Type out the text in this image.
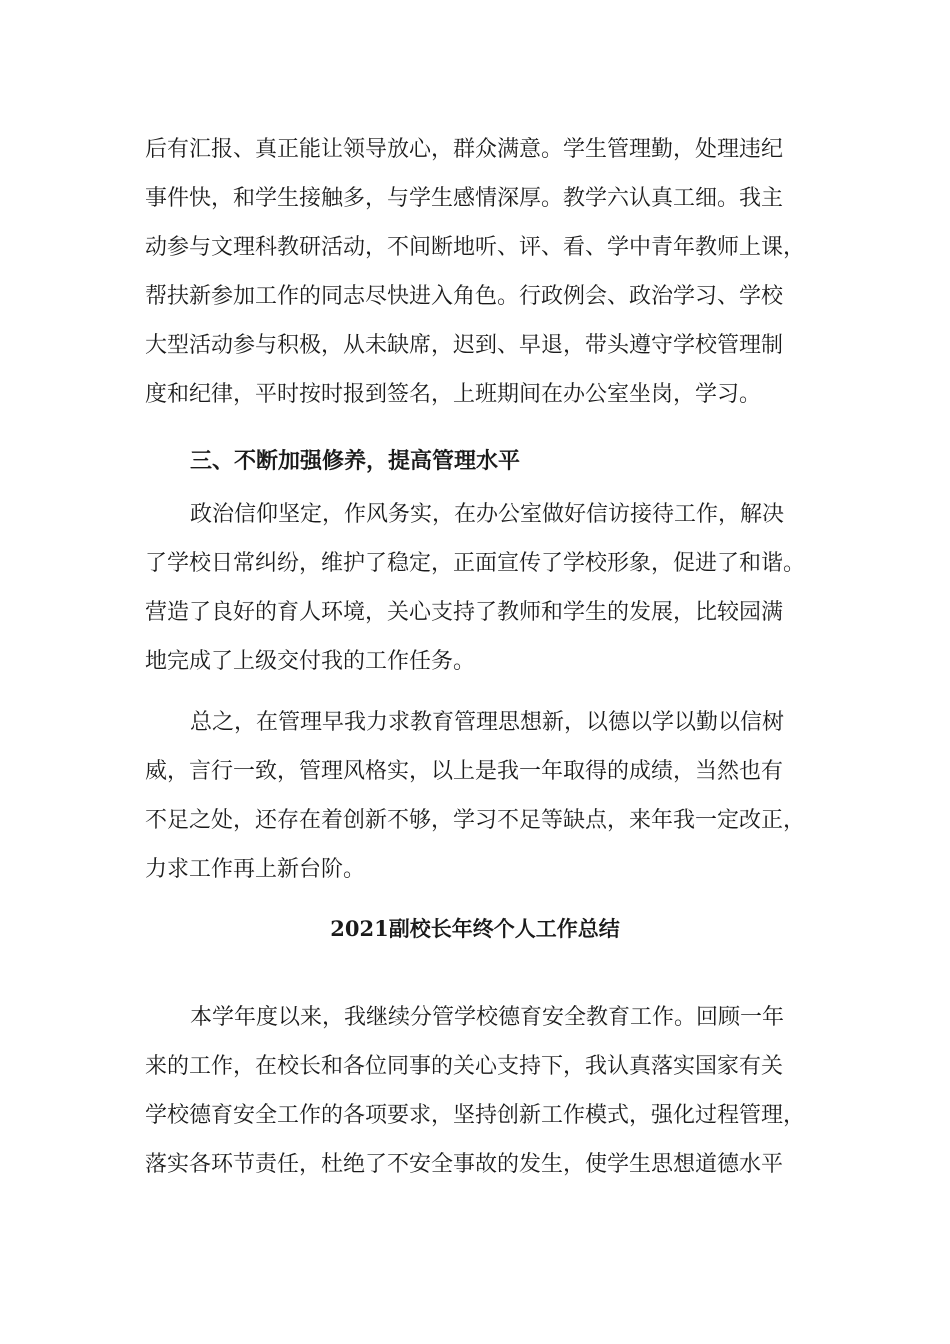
后有汇报、真正能让领导放心，群众满意。学生管理勤，处理违纪
事件快，和学生接触多，与学生感情深厚。教学六认真工细。我主
动参与文理科教研活动，不间断地听、评、看、学中青年教师上课，
帮扶新参加工作的同志尽快进入角色。行政例会、政治学习、学校
大型活动参与积极，从未缺席，迟到、早退，带头遵守学校管理制
度和纪律，平时按时报到签名，上班期间在办公室坐岗，学习。
三、不断加强修养，提高管理水平
政治信仰坚定，作风务实，在办公室做好信访接待工作，解决
了学校日常纠纷，维护了稳定，正面宣传了学校形象，促进了和谐。
营造了良好的育人环境，关心支持了教师和学生的发展，比较园满
地完成了上级交付我的工作任务。
总之，在管理早我力求教育管理思想新，以德以学以勤以信树
威，言行一致，管理风格实，以上是我一年取得的成绩，当然也有
不足之处，还存在着创新不够，学习不足等缺点，来年我一定改正，
力求工作再上新台阶。
2021副校长年终个人工作总结
本学年度以来，我继续分管学校德育安全教育工作。回顾一年
来的工作，在校长和各位同事的关心支持下，我认真落实国家有关
学校德育安全工作的各项要求，坚持创新工作模式，强化过程管理，
落实各环节责任，杜绝了不安全事故的发生，使学生思想道德水平
